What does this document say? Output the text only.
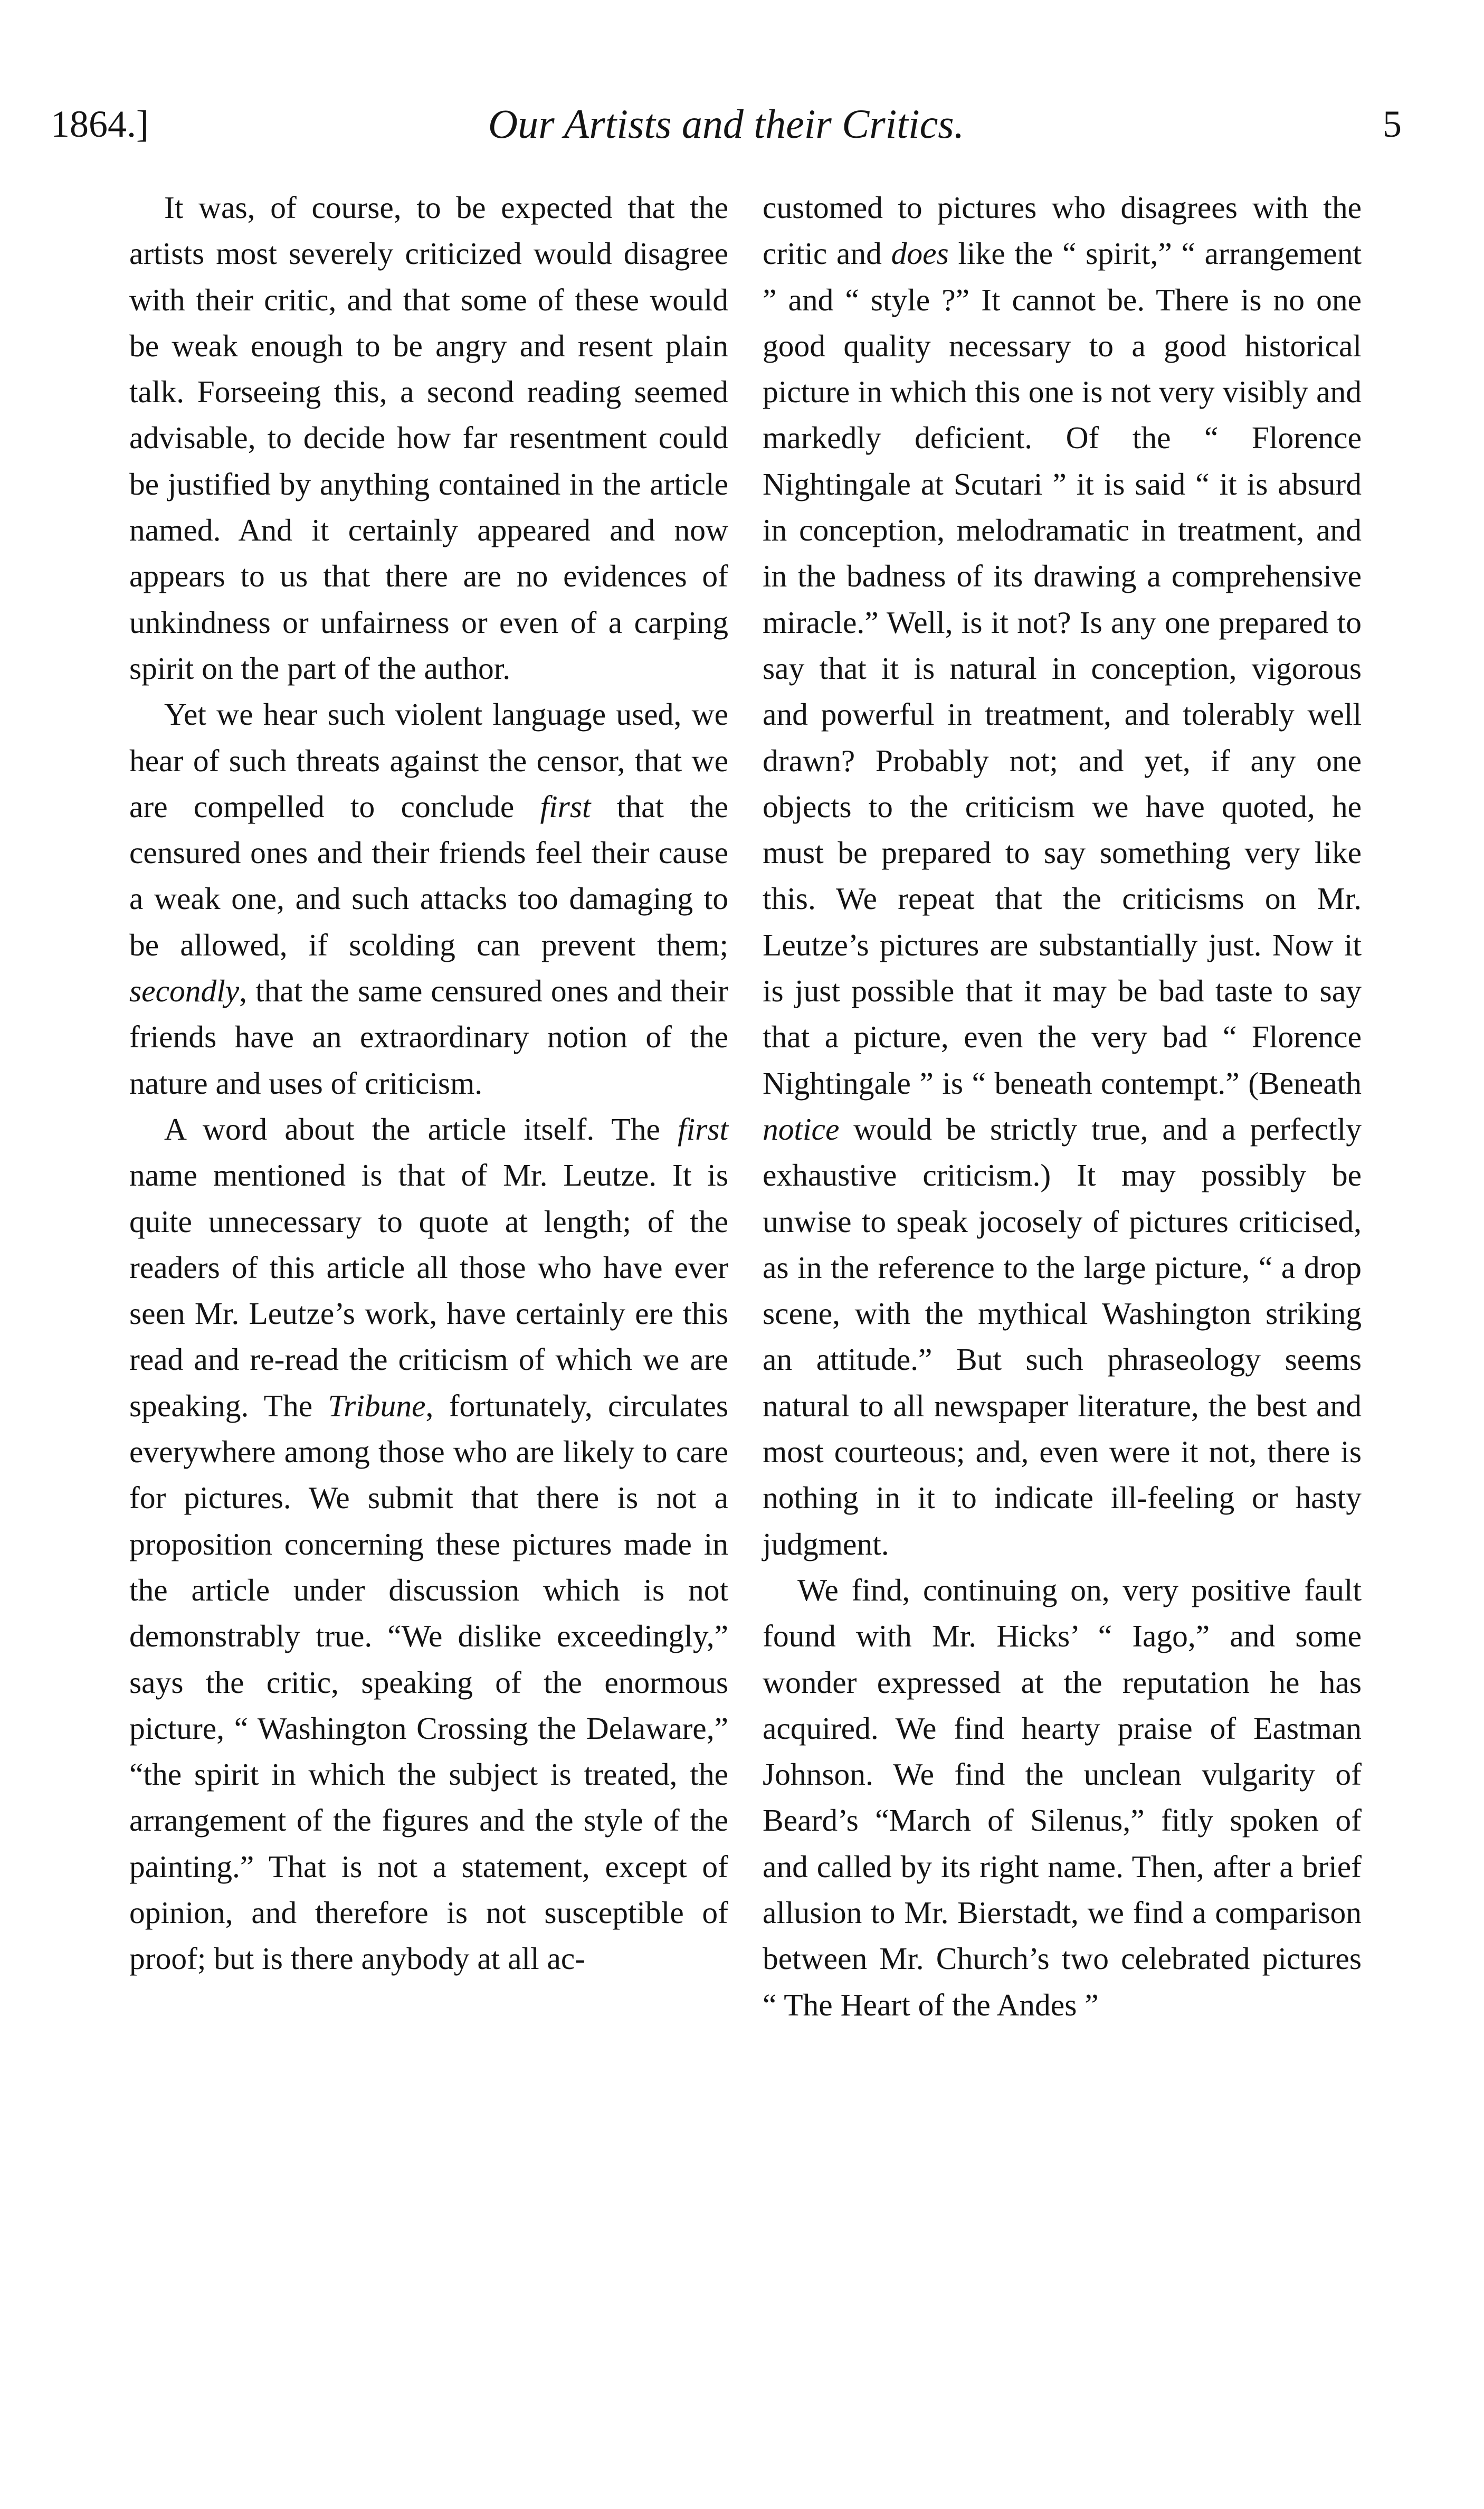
1864.]	Our Artists and their Critics.	5

It was, of course, to be expected that the artists most severely criticized would disagree with their critic, and that some of these would be weak enough to be angry and resent plain talk. Forseeing this, a second reading seemed advisable, to decide how far resentment could be justified by anything contained in the article named. And it certainly appeared and now appears to us that there are no evidences of unkindness or unfairness or even of a carping spirit on the part of the author.

Yet we hear such violent language used, we hear of such threats against the censor, that we are compelled to conclude first that the censured ones and their friends feel their cause a weak one, and such attacks too damaging to be allowed, if scolding can prevent them; secondly, that the same censured ones and their friends have an extraordinary notion of the nature and uses of criticism.

A word about the article itself. The first name mentioned is that of Mr. Leutze. It is quite unnecessary to quote at length; of the readers of this article all those who have ever seen Mr. Leutze’s work, have certainly ere this read and re-read the criticism of which we are speaking. The Tribune, fortunately, circulates everywhere among those who are likely to care for pictures. We submit that there is not a proposition concerning these pictures made in the article under discussion which is not demonstrably true. “We dislike exceedingly,” says the critic, speaking of the enormous picture, “ Washington Crossing the Delaware,” “the spirit in which the subject is treated, the arrangement of the figures and the style of the painting.” That is not a statement, except of opinion, and therefore is not susceptible of proof; but is there anybody at all ac-

customed to pictures who disagrees with the critic and does like the “ spirit,” “ arrangement ” and “ style ?” It cannot be. There is no one good quality necessary to a good historical picture in which this one is not very visibly and markedly deficient. Of the “ Florence Nightingale at Scutari ” it is said “ it is absurd in conception, melodramatic in treatment, and in the badness of its drawing a comprehensive miracle.” Well, is it not? Is any one prepared to say that it is natural in conception, vigorous and powerful in treatment, and tolerably well drawn? Probably not; and yet, if any one objects to the criticism we have quoted, he must be prepared to say something very like this. We repeat that the criticisms on Mr. Leutze’s pictures are substantially just. Now it is just possible that it may be bad taste to say that a picture, even the very bad “ Florence Nightingale ” is “ beneath contempt.” (Beneath notice would be strictly true, and a perfectly exhaustive criticism.) It may possibly be unwise to speak jocosely of pictures criticised, as in the reference to the large picture, “ a drop scene, with the mythical Washington striking an attitude.” But such phraseology seems natural to all newspaper literature, the best and most courteous; and, even were it not, there is nothing in it to indicate ill-feeling or hasty judgment.

We find, continuing on, very positive fault found with Mr. Hicks’ “ Iago,” and some wonder expressed at the reputation he has acquired. We find hearty praise of Eastman Johnson. We find the unclean vulgarity of Beard’s “March of Silenus,” fitly spoken of and called by its right name. Then, after a brief allusion to Mr. Bierstadt, we find a comparison between Mr. Church’s two celebrated pictures “ The Heart of the Andes ”
